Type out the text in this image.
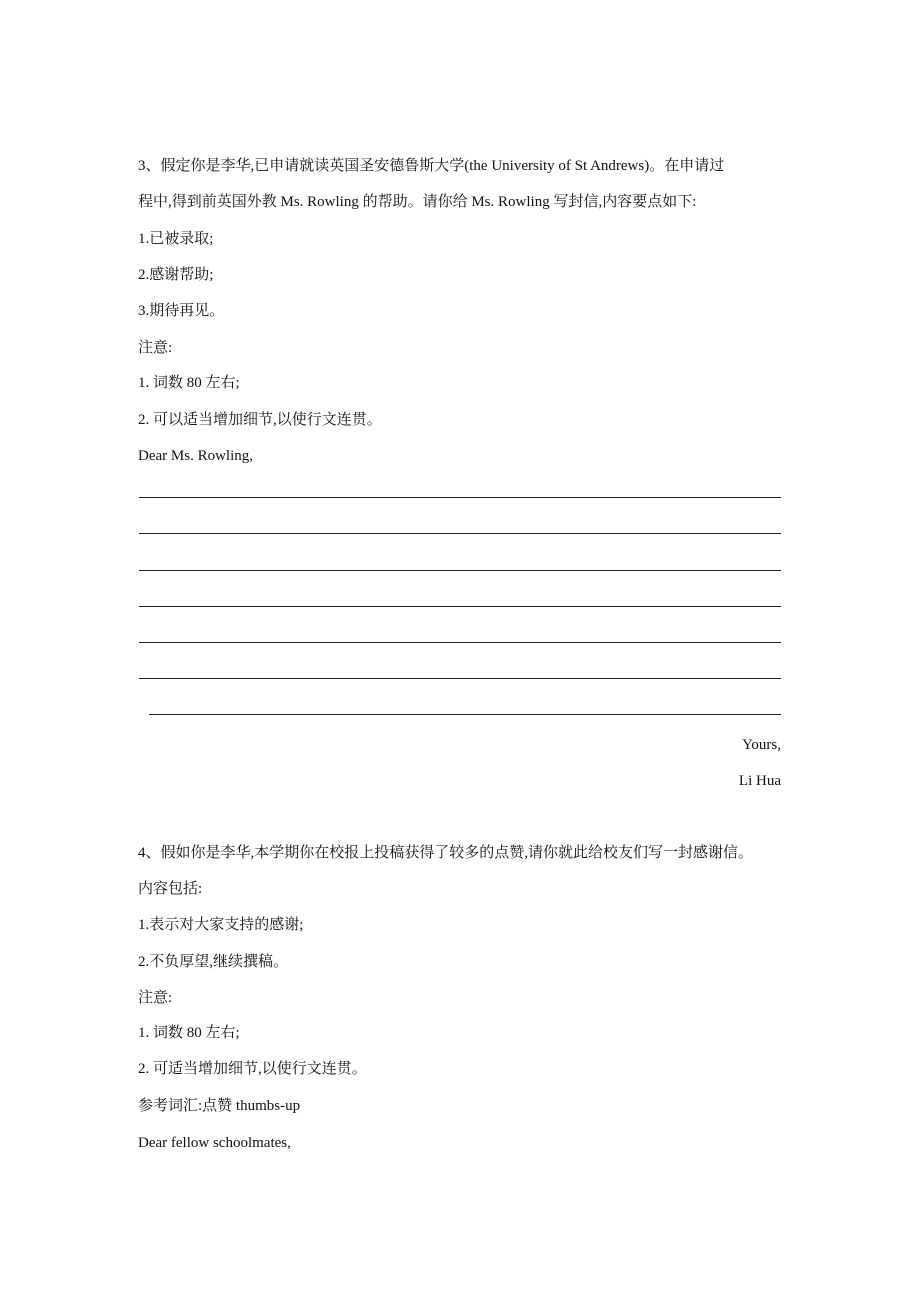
3、假定你是李华,已申请就读英国圣安德鲁斯大学(the University of St Andrews)。在申请过
程中,得到前英国外教 Ms. Rowling 的帮助。请你给 Ms. Rowling 写封信,内容要点如下:
1.已被录取;
2.感谢帮助;
3.期待再见。
注意:
1. 词数 80 左右;
2. 可以适当增加细节,以使行文连贯。
Dear Ms. Rowling,
Yours,
Li Hua
4、假如你是李华,本学期你在校报上投稿获得了较多的点赞,请你就此给校友们写一封感谢信。
内容包括:
1.表示对大家支持的感谢;
2.不负厚望,继续撰稿。
注意:
1. 词数 80 左右;
2. 可适当增加细节,以使行文连贯。
参考词汇:点赞 thumbs-up
Dear fellow schoolmates,
